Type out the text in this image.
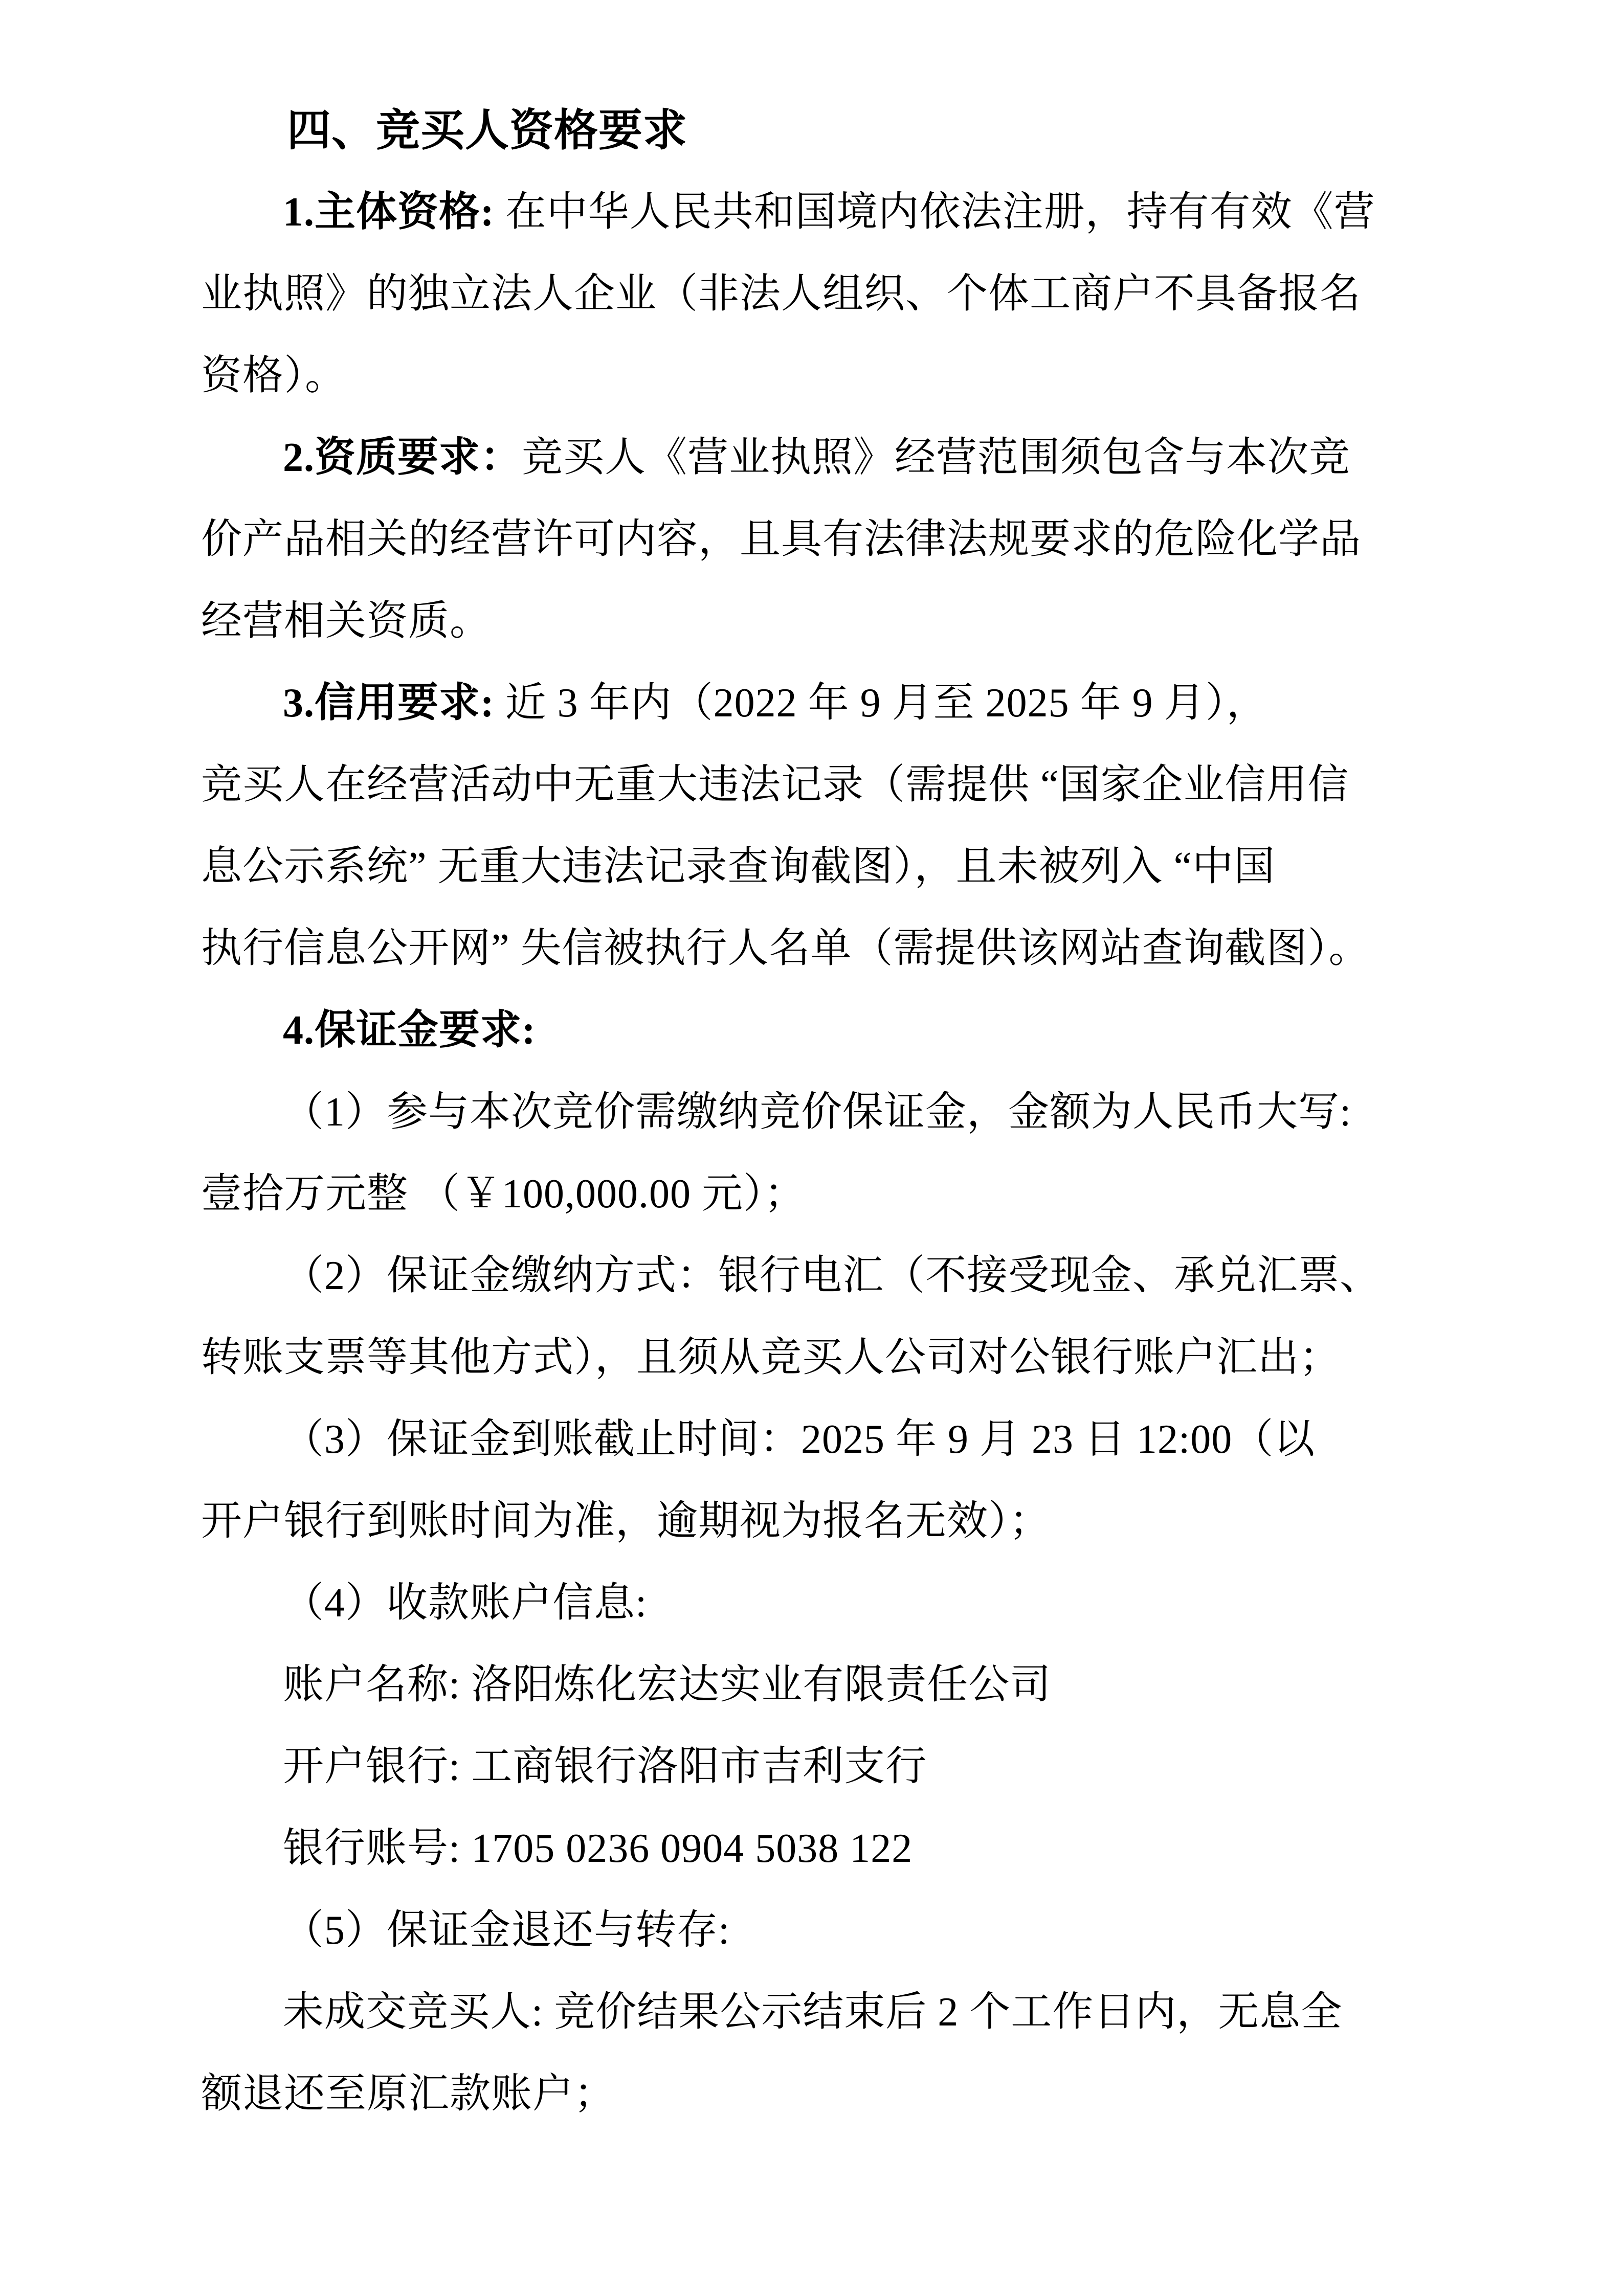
四、竞买人资格要求
1.主体资格: 在中华人民共和国境内依法注册，持有有效《营
业执照》的独立法人企业（非法人组织、个体工商户不具备报名
资格）。
2.资质要求：竞买人《营业执照》经营范围须包含与本次竞
价产品相关的经营许可内容，且具有法律法规要求的危险化学品
经营相关资质。
3.信用要求: 近 3 年内（2022 年 9 月至 2025 年 9 月），
竞买人在经营活动中无重大违法记录（需提供 “国家企业信用信
息公示系统” 无重大违法记录查询截图），且未被列入 “中国
执行信息公开网” 失信被执行人名单（需提供该网站查询截图）。
4.保证金要求:
（1）参与本次竞价需缴纳竞价保证金，金额为人民币大写:
壹拾万元整 （￥100,000.00 元）；
（2）保证金缴纳方式：银行电汇（不接受现金、承兑汇票、
转账支票等其他方式），且须从竞买人公司对公银行账户汇出；
（3）保证金到账截止时间：2025 年 9 月 23 日 12:00（以
开户银行到账时间为准，逾期视为报名无效）；
（4）收款账户信息:
账户名称: 洛阳炼化宏达实业有限责任公司
开户银行: 工商银行洛阳市吉利支行
银行账号: 1705 0236 0904 5038 122
（5）保证金退还与转存:
未成交竞买人: 竞价结果公示结束后 2 个工作日内，无息全
额退还至原汇款账户；
